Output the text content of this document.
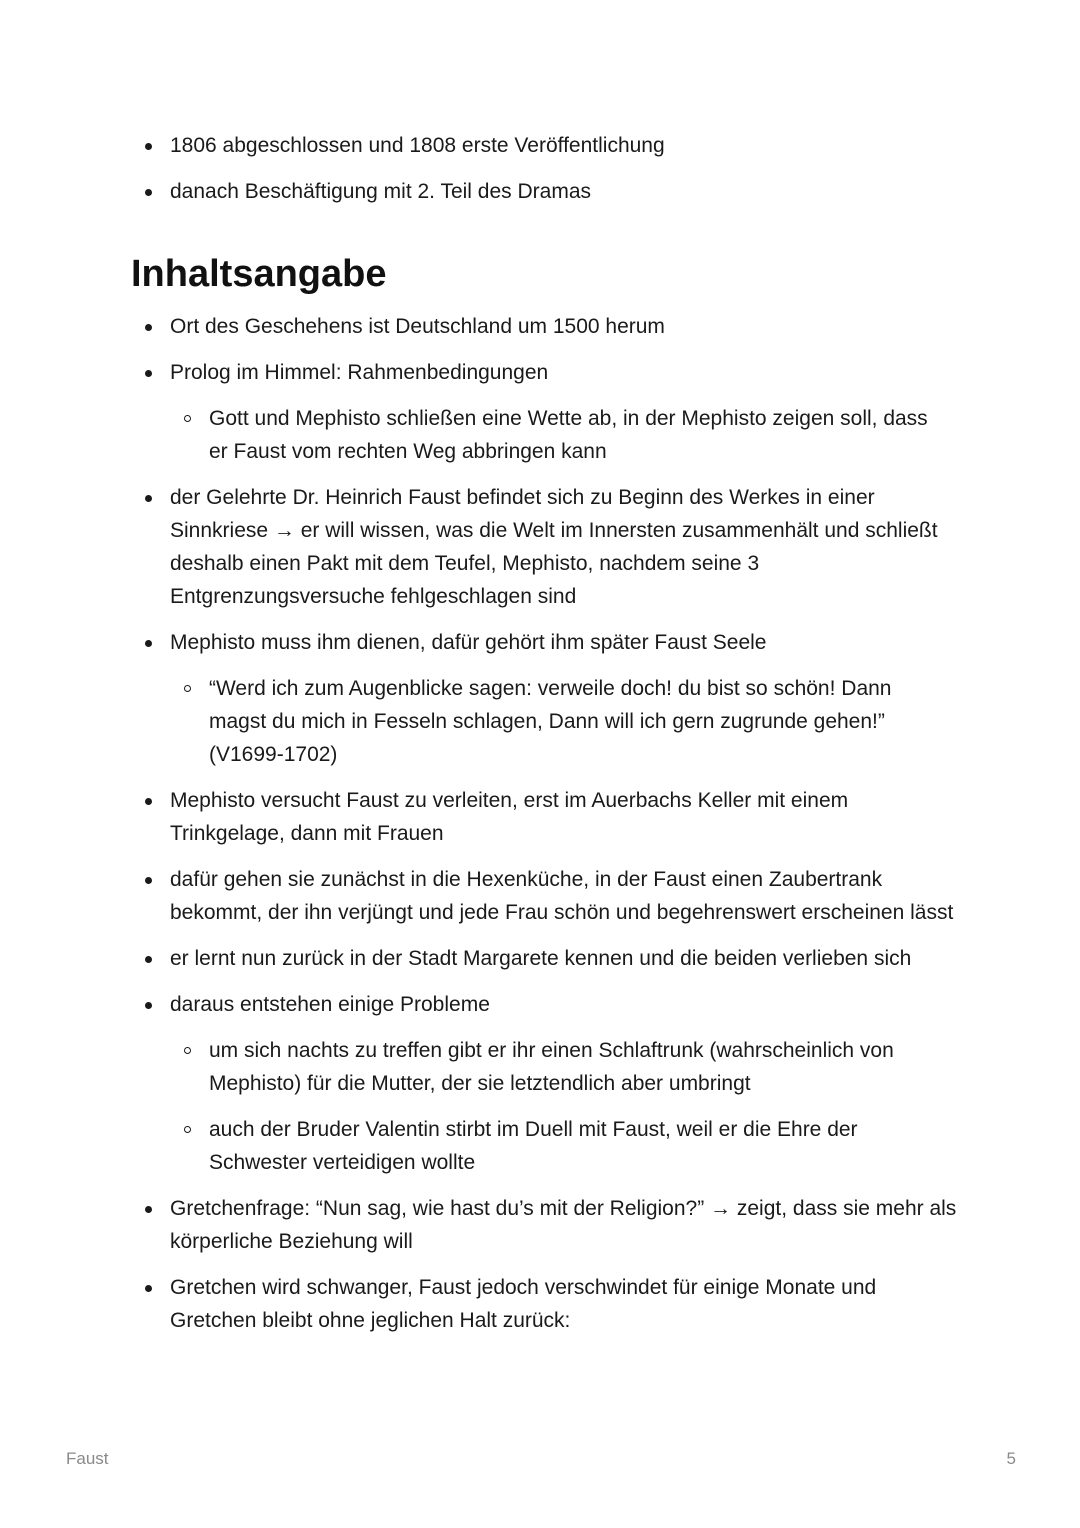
1806 abgeschlossen und 1808 erste Veröffentlichung
danach Beschäftigung mit 2. Teil des Dramas
Inhaltsangabe
Ort des Geschehens ist Deutschland um 1500 herum
Prolog im Himmel: Rahmenbedingungen
Gott und Mephisto schließen eine Wette ab, in der Mephisto zeigen soll, dass er Faust vom rechten Weg abbringen kann
der Gelehrte Dr. Heinrich Faust befindet sich zu Beginn des Werkes in einer Sinnkriese → er will wissen, was die Welt im Innersten zusammenhält und schließt deshalb einen Pakt mit dem Teufel, Mephisto, nachdem seine 3 Entgrenzungsversuche fehlgeschlagen sind
Mephisto muss ihm dienen, dafür gehört ihm später Faust Seele
“Werd ich zum Augenblicke sagen: verweile doch! du bist so schön! Dann magst du mich in Fesseln schlagen, Dann will ich gern zugrunde gehen!” (V1699-1702)
Mephisto versucht Faust zu verleiten, erst im Auerbachs Keller mit einem Trinkgelage, dann mit Frauen
dafür gehen sie zunächst in die Hexenküche, in der Faust einen Zaubertrank bekommt, der ihn verjüngt und jede Frau schön und begehrenswert erscheinen lässt
er lernt nun zurück in der Stadt Margarete kennen und die beiden verlieben sich
daraus entstehen einige Probleme
um sich nachts zu treffen gibt er ihr einen Schlaftrunk (wahrscheinlich von Mephisto) für die Mutter, der sie letztendlich aber umbringt
auch der Bruder Valentin stirbt im Duell mit Faust, weil er die Ehre der Schwester verteidigen wollte
Gretchenfrage: “Nun sag, wie hast du’s mit der Religion?” → zeigt, dass sie mehr als körperliche Beziehung will
Gretchen wird schwanger, Faust jedoch verschwindet für einige Monate und Gretchen bleibt ohne jeglichen Halt zurück:
Faust	5
